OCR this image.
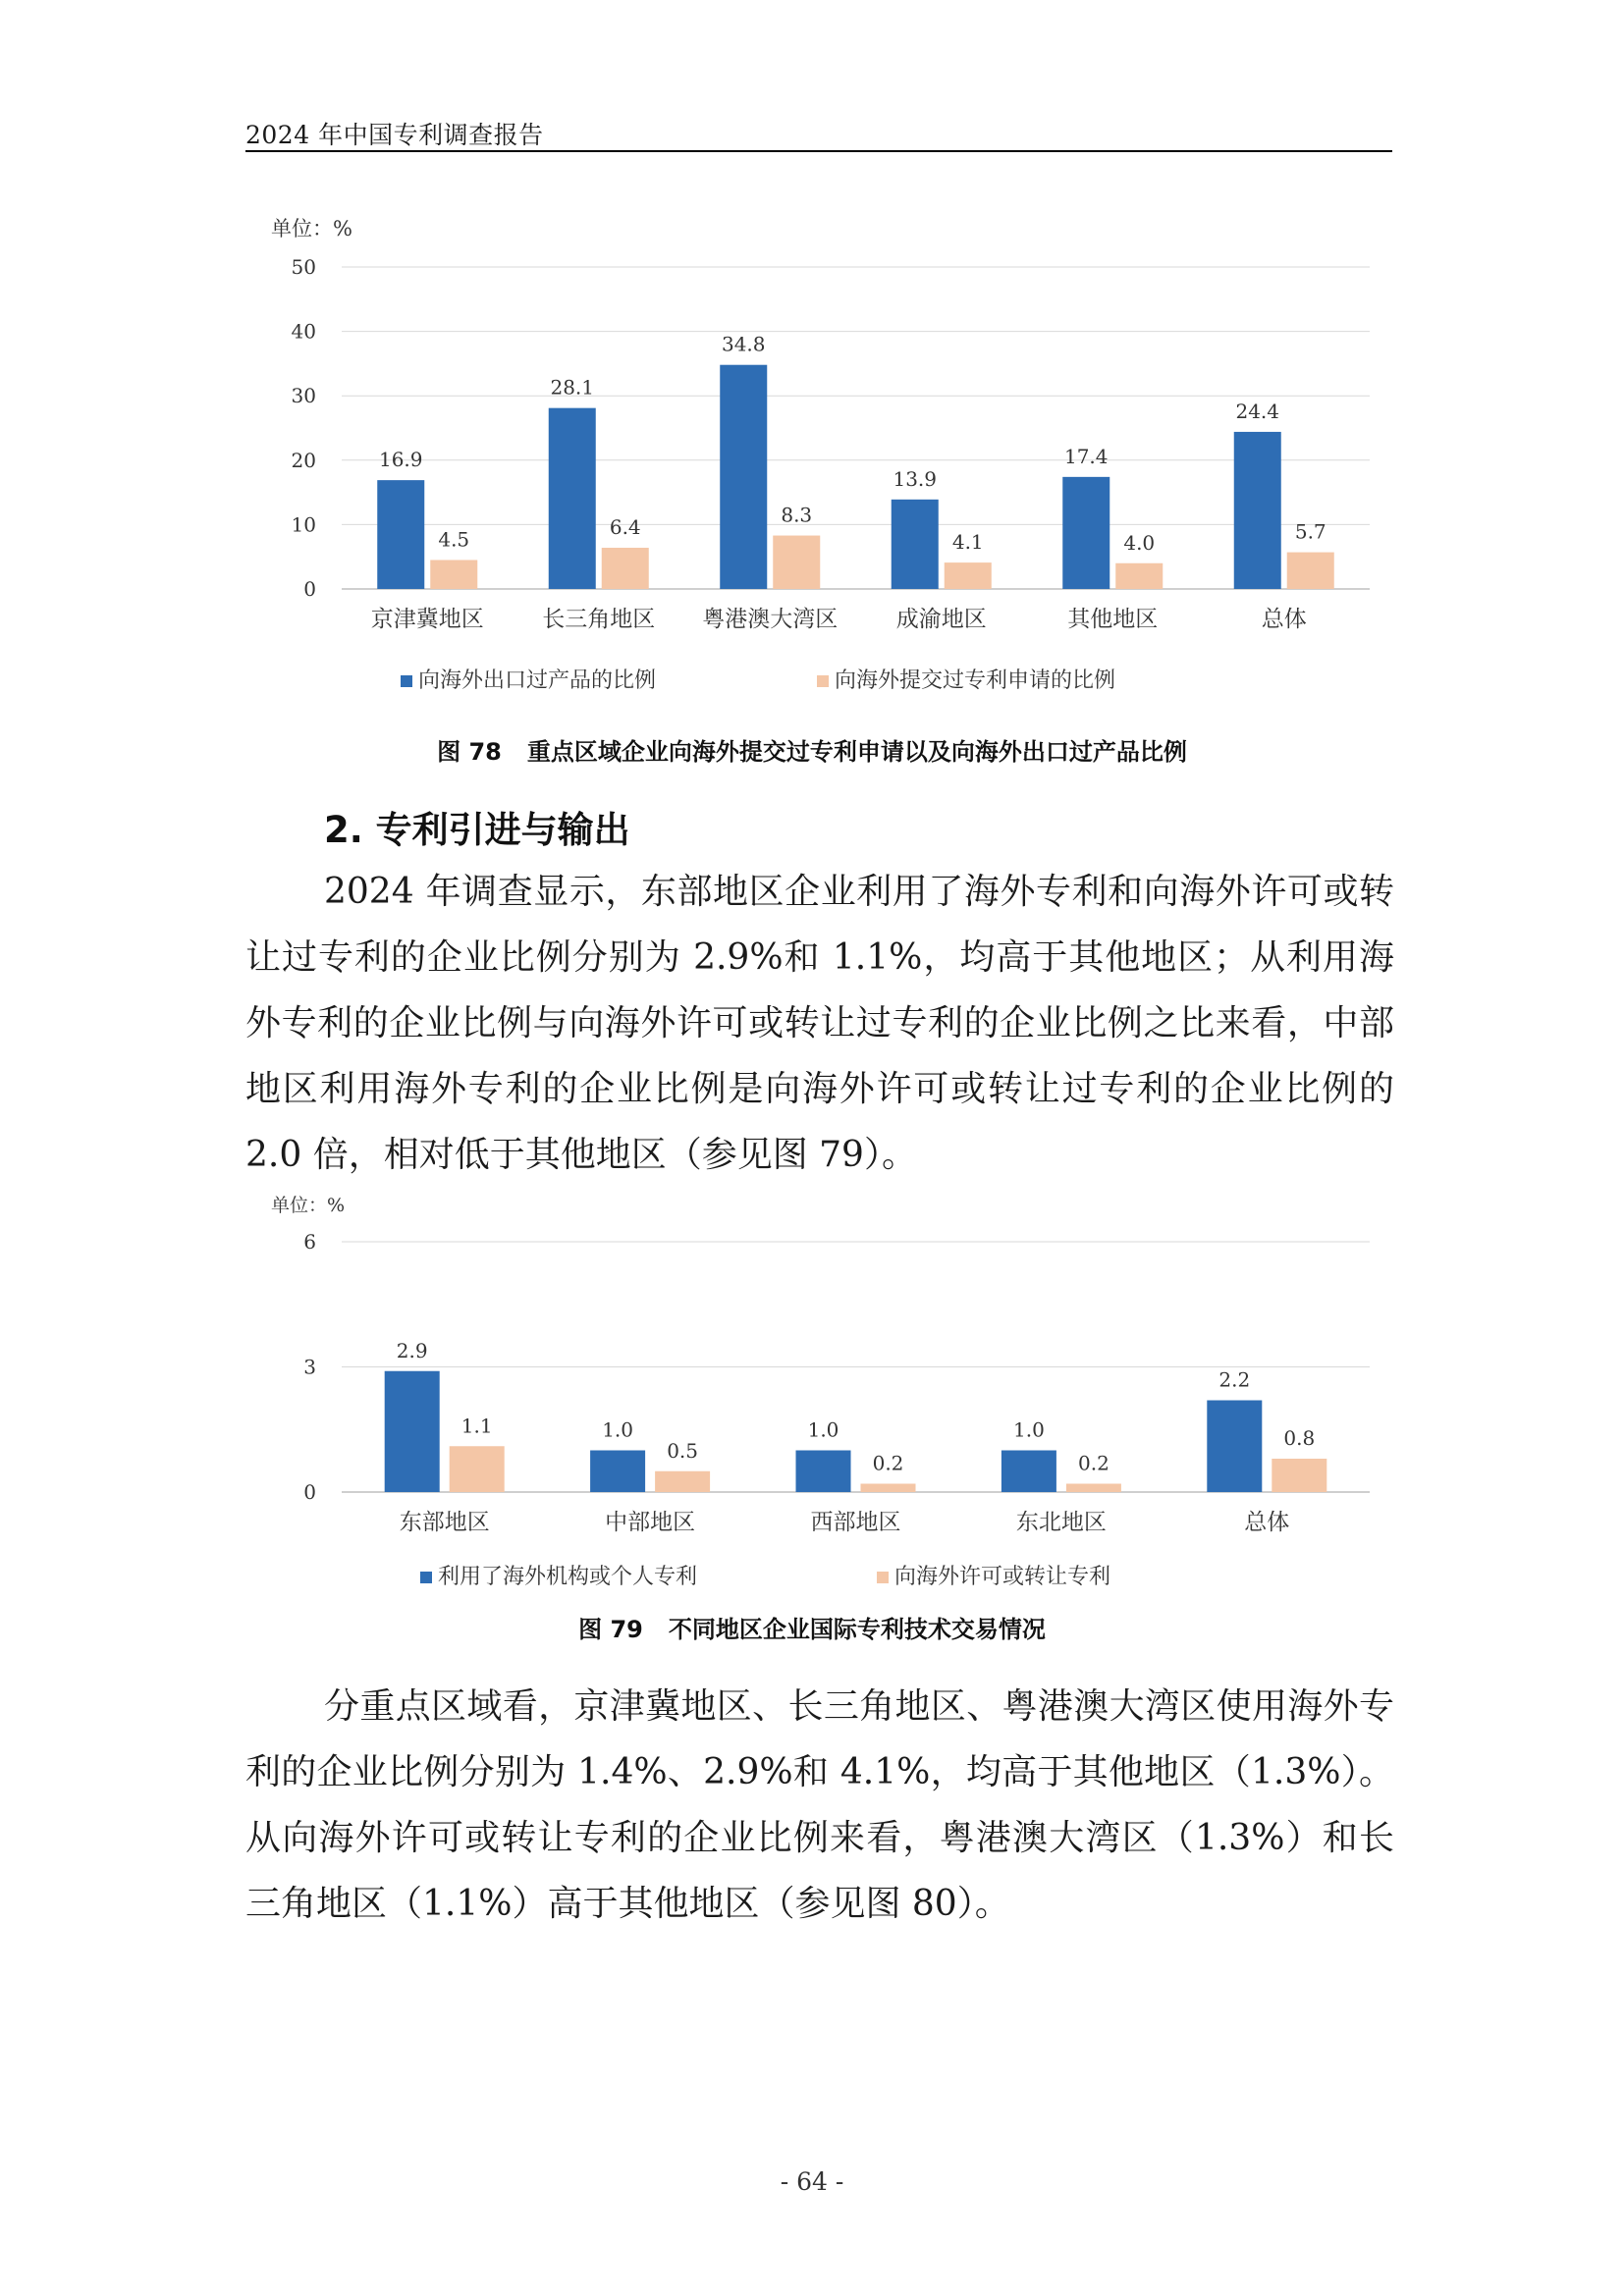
2024 年中国专利调查报告
单位：%
0
10
20
30
40
50
京津冀地区
16.9
4.5
长三角地区
28.1
6.4
粤港澳大湾区
34.8
8.3
成渝地区
13.9
4.1
其他地区
17.4
4.0
总体
24.4
5.7
向海外出口过产品的比例	向海外提交过专利申请的比例
图 78 重点区域企业向海外提交过专利申请以及向海外出口过产品比例
2. 专利引进与输出

2024 年调查显示，东部地区企业利用了海外专利和向海外许可或转让过专利的企业比例分别为 2.9%和 1.1%，均高于其他地区；从利用海外专利的企业比例与向海外许可或转让过专利的企业比例之比来看，中部地区利用海外专利的企业比例是向海外许可或转让过专利的企业比例的 2.0 倍，相对低于其他地区（参见图 79）。

单位：%
0
3
6
东部地区
2.9
1.1
中部地区
1.0
0.5
西部地区
1.0
0.2
东北地区
1.0
0.2
总体
2.2
0.8
利用了海外机构或个人专利	向海外许可或转让专利
图 79 不同地区企业国际专利技术交易情况

分重点区域看，京津冀地区、长三角地区、粤港澳大湾区使用海外专利的企业比例分别为 1.4%、2.9%和 4.1%，均高于其他地区（1.3%）。从向海外许可或转让专利的企业比例来看，粤港澳大湾区（1.3%）和长三角地区（1.1%）高于其他地区（参见图 80）。

- 64 -
